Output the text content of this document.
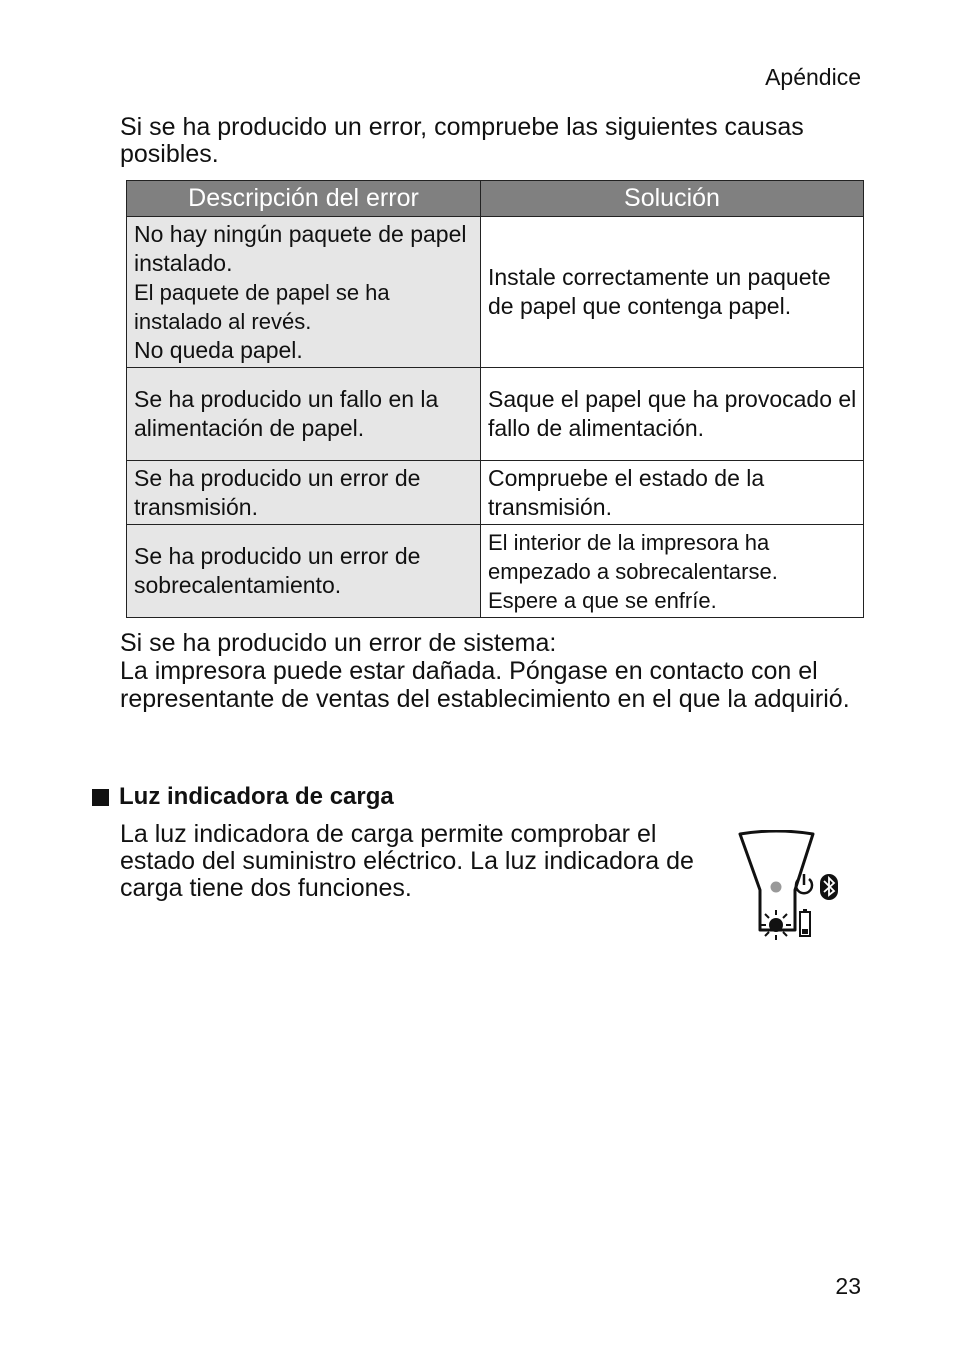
Apéndice
Si se ha producido un error, compruebe las siguientes causas posibles.
Descripción del error	Solución

No hay ningún paquete de papel instalado.
El paquete de papel se ha instalado al revés.
No queda papel.	Instale correctamente un paquete de papel que contenga papel.

Se ha producido un fallo en la alimentación de papel.	Saque el papel que ha provocado el fallo de alimentación.

Se ha producido un error de transmisión.	Compruebe el estado de la transmisión.

Se ha producido un error de sobrecalentamiento.	El interior de la impresora ha empezado a sobrecalentarse.
Espere a que se enfríe.
Si se ha producido un error de sistema:
La impresora puede estar dañada. Póngase en contacto con el representante de ventas del establecimiento en el que la adquirió.
Luz indicadora de carga
La luz indicadora de carga permite comprobar el estado del suministro eléctrico. La luz indicadora de carga tiene dos funciones.
23
